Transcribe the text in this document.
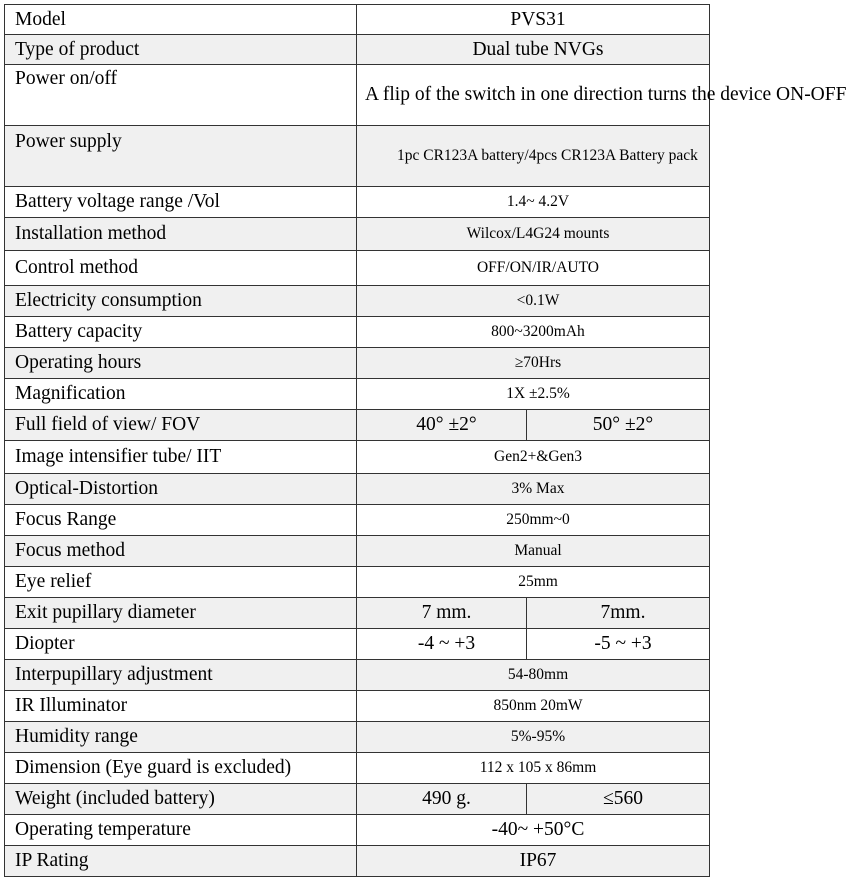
Model	PVS31	
Type of product	Dual tube NVGs	
Power on/off	A flip of the switch in one direction turns the device ON-OFF	
Power supply	1pc CR123A battery/4pcs CR123A Battery pack	
Battery voltage range /Vol	1.4~ 4.2V	
Installation method	Wilcox/L4G24 mounts	
Control method	OFF/ON/IR/AUTO	
Electricity consumption	<0.1W	
Battery capacity	800~3200mAh	
Operating hours	≥70Hrs	
Magnification	1X ±2.5%	
Full field of view/ FOV	40° ±2°	50° ±2°
Image intensifier tube/ IIT	Gen2+&Gen3	
Optical-Distortion	3% Max	
Focus Range	250mm~0	
Focus method	Manual	
Eye relief	25mm	
Exit pupillary diameter	7 mm.	7mm.
Diopter	-4 ~ +3	-5 ~ +3
Interpupillary adjustment	54-80mm	
IR Illuminator	850nm 20mW	
Humidity range	5%-95%	
Dimension (Eye guard is excluded)	112 x 105 x 86mm	
Weight (included battery)	490 g.	≤560
Operating temperature	-40~ +50°C	
IP Rating	IP67	
